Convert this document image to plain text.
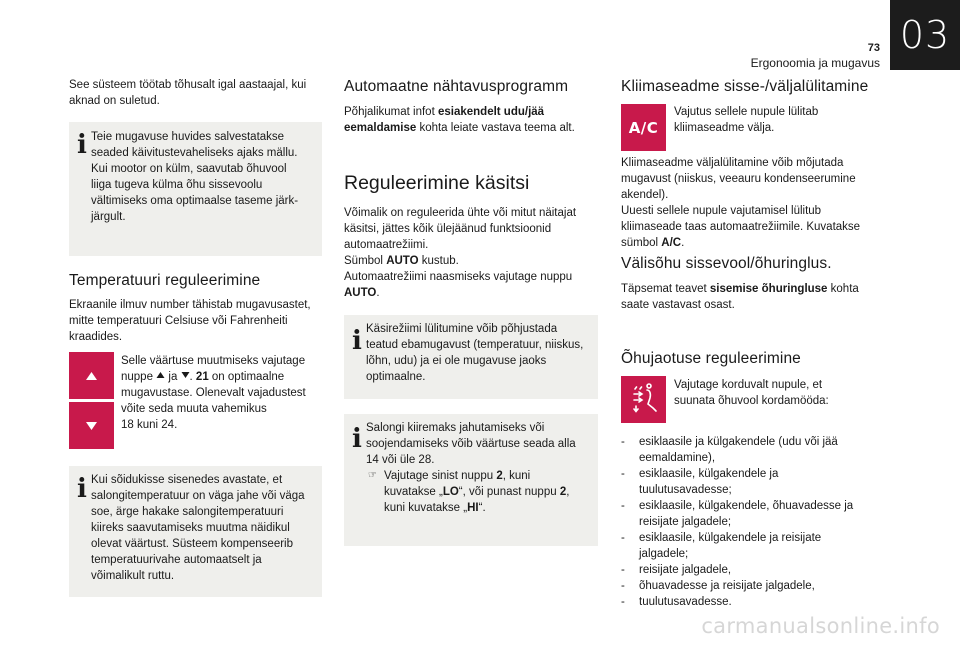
03
73
Ergonoomia ja mugavus

See süsteem töötab tõhusalt igal aastaajal, kui aknad on suletud.

i Teie mugavuse huvides salvestatakse

seaded käivitustevaheliseks ajaks mällu.

Kui mootor on külm, saavutab õhuvool

liiga tugeva külma õhu sissevoolu

vältimiseks oma optimaalse taseme järk-

järgult.

Temperatuuri reguleerimine

Ekraanile ilmuv number tähistab mugavusastet,

mitte temperatuuri Celsiuse või Fahrenheiti

kraadides.

Selle väärtuse muutmiseks vajutage

nuppe  ja . 21 on optimaalne

mugavustase. Olenevalt vajadustest

võite seda muuta vahemikus

18 kuni 24.

i Kui sõidukisse sisenedes avastate, et

salongitemperatuur on väga jahe või väga

soe, ärge hakake salongitemperatuuri

kiireks saavutamiseks muutma näidikul

olevat väärtust. Süsteem kompenseerib

temperatuurivahe automaatselt ja

võimalikult ruttu.

Automaatne nähtavusprogramm

Põhjalikumat infot esiakendelt udu/jää

eemaldamise kohta leiate vastava teema alt.

Reguleerimine käsitsi

Võimalik on reguleerida ühte või mitut näitajat

käsitsi, jättes kõik ülejäänud funktsioonid

automaatrežiimi.

Sümbol AUTO kustub.

Automaatrežiimi naasmiseks vajutage nuppu

AUTO.

i Käsirežiimi lülitumine võib põhjustada

teatud ebamugavust (temperatuur, niiskus,

lõhn, udu) ja ei ole mugavuse jaoks

optimaalne.

i Salongi kiiremaks jahutamiseks või

soojendamiseks võib väärtuse seada alla

14 või üle 28.

☞ Vajutage sinist nuppu 2, kuni

kuvatakse „LO“, või punast nuppu 2,

kuni kuvatakse „HI“.

Kliimaseadme sisse-/väljalülitamine
A/C

Vajutus sellele nupule lülitab

kliimaseadme välja.

Kliimaseadme väljalülitamine võib mõjutada

mugavust (niiskus, veeauru kondenseerumine

akendel).

Uuesti sellele nupule vajutamisel lülitub

kliimaseade taas automaatrežiimile. Kuvatakse

sümbol A/C.

Välisõhu sissevool/õhuringlus.

Täpsemat teavet sisemise õhuringluse kohta

saate vastavast osast.

Õhujaotuse reguleerimine

Vajutage korduvalt nupule, et

suunata õhuvool kordamööda:

- esiklaasile ja külgakendele (udu või jää
eemaldamine),
- esiklaasile, külgakendele ja
tuulutusavadesse;
- esiklaasile, külgakendele, õhuavadesse ja
reisijate jalgadele;
- esiklaasile, külgakendele ja reisijate
jalgadele;
- reisijate jalgadele,
- õhuavadesse ja reisijate jalgadele,
- tuulutusavadesse.
carmanualsonline.info
